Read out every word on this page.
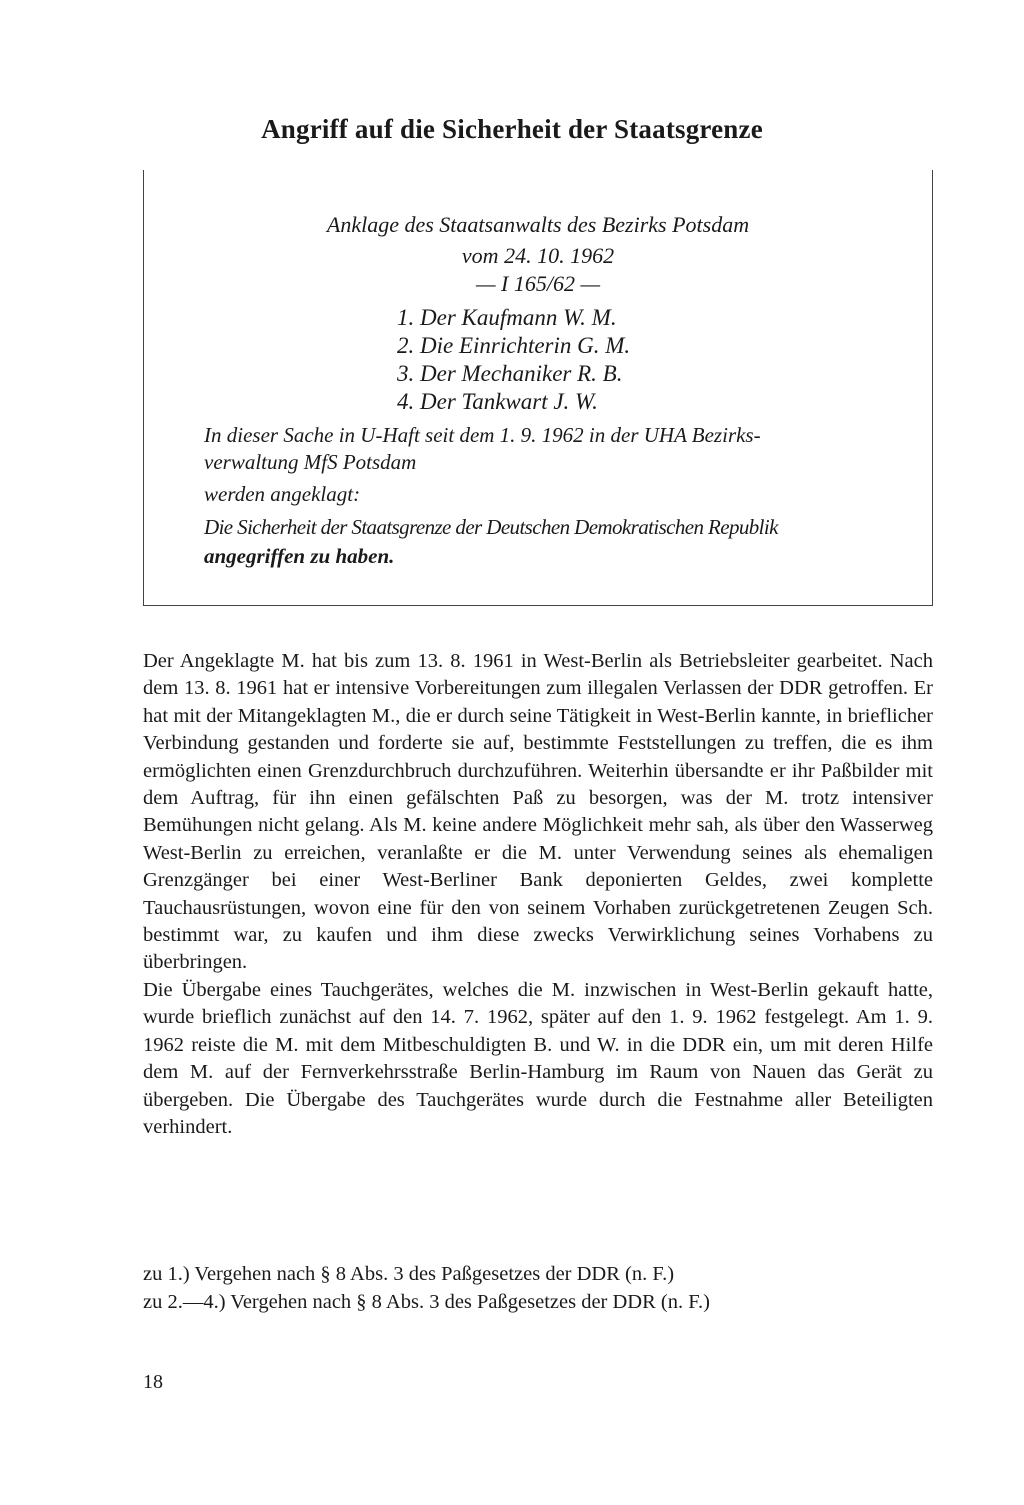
Angriff auf die Sicherheit der Staatsgrenze
Anklage des Staatsanwalts des Bezirks Potsdam
vom 24. 10. 1962
— I 165/62 —
1. Der Kaufmann W. M.
2. Die Einrichterin G. M.
3. Der Mechaniker R. B.
4. Der Tankwart J. W.
In dieser Sache in U-Haft seit dem 1. 9. 1962 in der UHA Bezirks-
verwaltung MfS Potsdam
werden angeklagt:
Die Sicherheit der Staatsgrenze der Deutschen Demokratischen Republik
angegriffen zu haben.

Der Angeklagte M. hat bis zum 13. 8. 1961 in West-Berlin als Betriebsleiter gearbeitet. Nach dem 13. 8. 1961 hat er intensive Vorbereitungen zum illegalen Verlassen der DDR getroffen. Er hat mit der Mitangeklagten M., die er durch seine Tätigkeit in West-Berlin kannte, in brieflicher Verbindung gestanden und forderte sie auf, bestimmte Feststellungen zu treffen, die es ihm ermöglichten einen Grenzdurchbruch durchzuführen. Weiterhin übersandte er ihr Paßbilder mit dem Auftrag, für ihn einen gefälschten Paß zu besorgen, was der M. trotz intensiver Bemühungen nicht gelang. Als M. keine andere Möglichkeit mehr sah, als über den Wasserweg West-Berlin zu erreichen, veranlaßte er die M. unter Verwendung seines als ehemaligen Grenzgänger bei einer West-Berliner Bank deponierten Geldes, zwei komplette Tauchausrüstungen, wovon eine für den von seinem Vorhaben zurückgetretenen Zeugen Sch. bestimmt war, zu kaufen und ihm diese zwecks Verwirklichung seines Vorhabens zu überbringen.

Die Übergabe eines Tauchgerätes, welches die M. inzwischen in West-Berlin gekauft hatte, wurde brieflich zunächst auf den 14. 7. 1962, später auf den 1. 9. 1962 festgelegt. Am 1. 9. 1962 reiste die M. mit dem Mitbeschuldigten B. und W. in die DDR ein, um mit deren Hilfe dem M. auf der Fernverkehrsstraße Berlin-Hamburg im Raum von Nauen das Gerät zu übergeben. Die Übergabe des Tauchgerätes wurde durch die Festnahme aller Beteiligten verhindert.

zu 1.) Vergehen nach § 8 Abs. 3 des Paßgesetzes der DDR (n. F.)
zu 2.—4.) Vergehen nach § 8 Abs. 3 des Paßgesetzes der DDR (n. F.)
18
